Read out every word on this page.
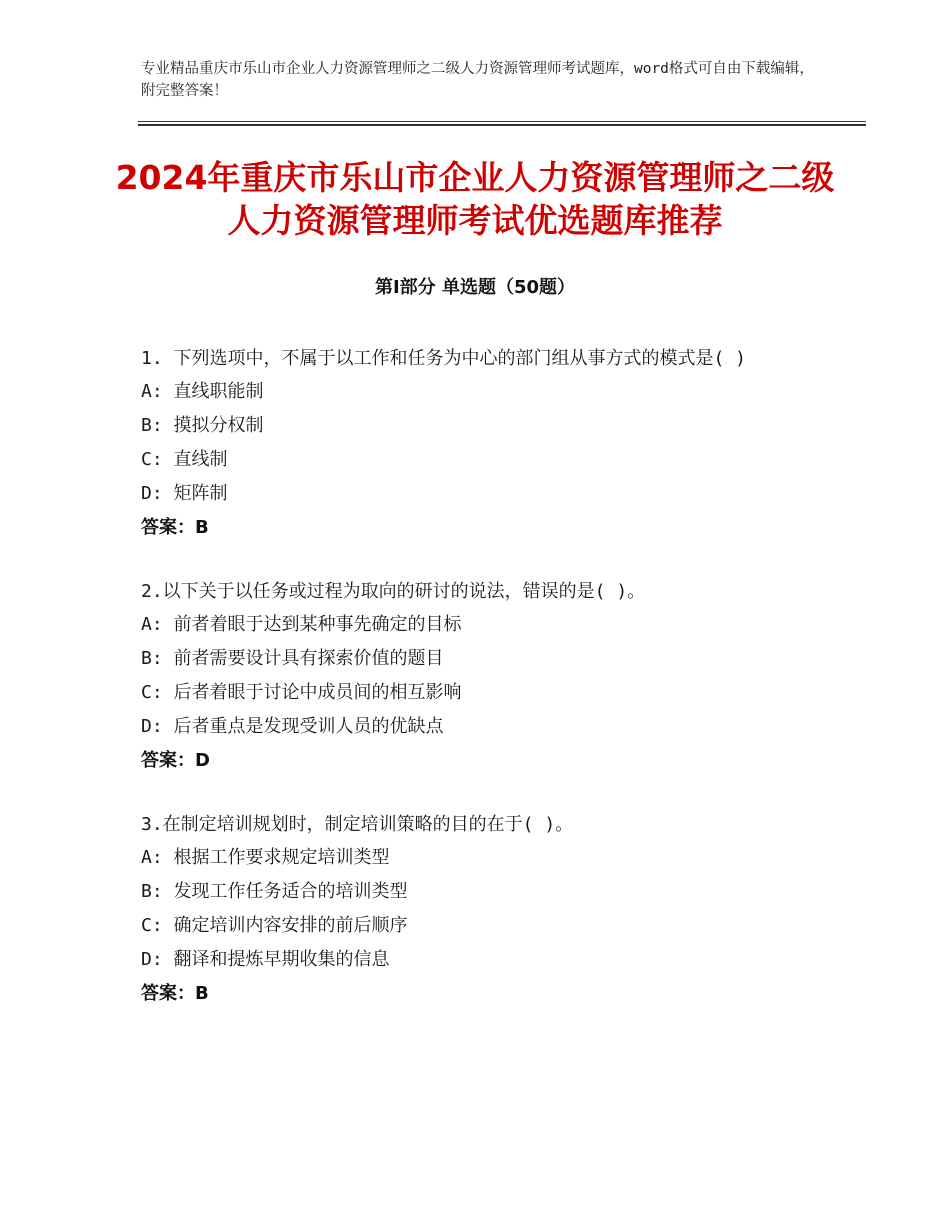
专业精品重庆市乐山市企业人力资源管理师之二级人力资源管理师考试题库，word格式可自由下载编辑，附完整答案！
2024年重庆市乐山市企业人力资源管理师之二级人力资源管理师考试优选题库推荐
第Ⅰ部分 单选题（50题）
1. 下列选项中，不属于以工作和任务为中心的部门组从事方式的模式是( )
A: 直线职能制
B: 摸拟分权制
C: 直线制
D: 矩阵制
答案：B
2.以下关于以任务或过程为取向的研讨的说法，错误的是( )。
A: 前者着眼于达到某种事先确定的目标
B: 前者需要设计具有探索价值的题目
C: 后者着眼于讨论中成员间的相互影响
D: 后者重点是发现受训人员的优缺点
答案：D
3.在制定培训规划时，制定培训策略的目的在于( )。
A: 根据工作要求规定培训类型
B: 发现工作任务适合的培训类型
C: 确定培训内容安排的前后顺序
D: 翻译和提炼早期收集的信息
答案：B
